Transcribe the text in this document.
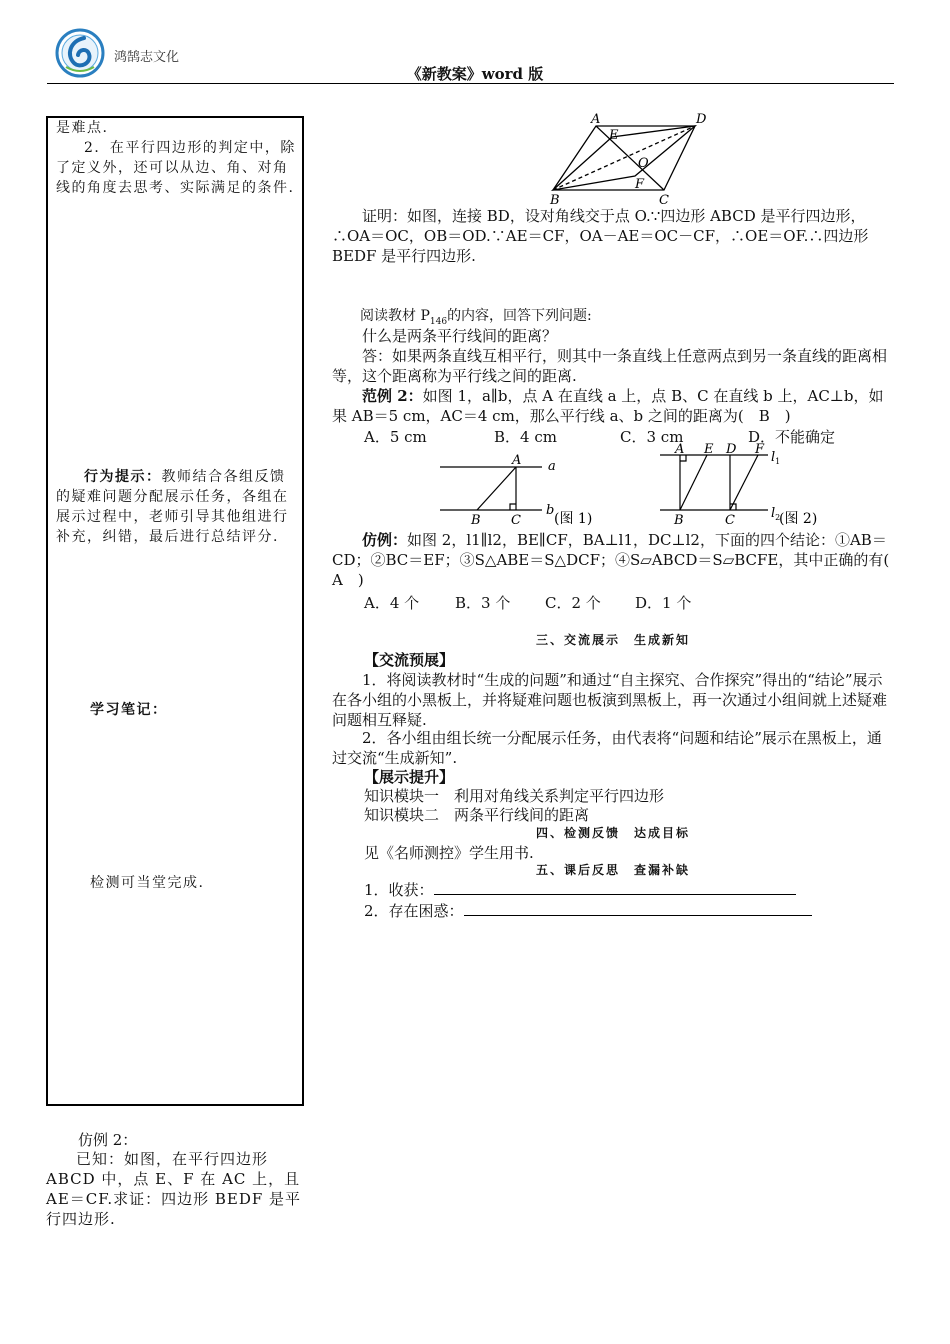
鸿鹄志文化
《新教案》word 版
是难点.
2．在平行四边形的判定中，除了定义外，还可以从边、角、对角线的角度去思考、实际满足的条件.
行为提示：教师结合各组反馈的疑难问题分配展示任务，各组在展示过程中，老师引导其他组进行补充，纠错，最后进行总结评分.
学习笔记：
检测可当堂完成.
仿例 2：
已知：如图，在平行四边形 ABCD 中，点 E、F 在 AC 上，且 AE＝CF.求证：四边形 BEDF 是平行四边形.
A	D
E
O
F
B	C
证明：如图，连接 BD，设对角线交于点 O.∵四边形 ABCD 是平行四边形，∴OA＝OC，OB＝OD.∵AE＝CF，OA－AE＝OC－CF，∴OE＝OF.∴四边形 BEDF 是平行四边形.
阅读教材 $P_{146}$的内容，回答下列问题:
什么是两条平行线间的距离？
答：如果两条直线互相平行，则其中一条直线上任意两点到另一条直线的距离相等，这个距离称为平行线之间的距离.
范例 2：如图 1，a∥b，点 A 在直线 a 上，点 B、C 在直线 b 上，AC⊥b，如果 AB＝5 cm，AC＝4 cm，那么平行线 a、b 之间的距离为(　B　)
A．5 cm	B．4 cm	C．3 cm	D．不能确定
A a
B C
b
(图 1)
A E D F
B	C
$l_1$
$l_2$
(图 2)
仿例：如图 2，l1∥l2，BE∥CF，BA⊥l1，DC⊥l2，下面的四个结论：①AB＝CD；②BC＝EF；③S△ABE＝S△DCF；④S▱ABCD＝S▱BCFE，其中正确的有(　A　)
A．4 个 B．3 个 C．2 个 D．1 个
三、交流展示　生成新知
【交流预展】
1．将阅读教材时“生成的问题”和通过“自主探究、合作探究”得出的“结论”展示在各小组的小黑板上，并将疑难问题也板演到黑板上，再一次通过小组间就上述疑难问题相互释疑.
2．各小组由组长统一分配展示任务，由代表将“问题和结论”展示在黑板上，通过交流“生成新知”.
【展示提升】
知识模块一　利用对角线关系判定平行四边形
知识模块二　两条平行线间的距离
四、检测反馈　达成目标
见《名师测控》学生用书.
五、课后反思　查漏补缺
1．收获：
2．存在困惑：
